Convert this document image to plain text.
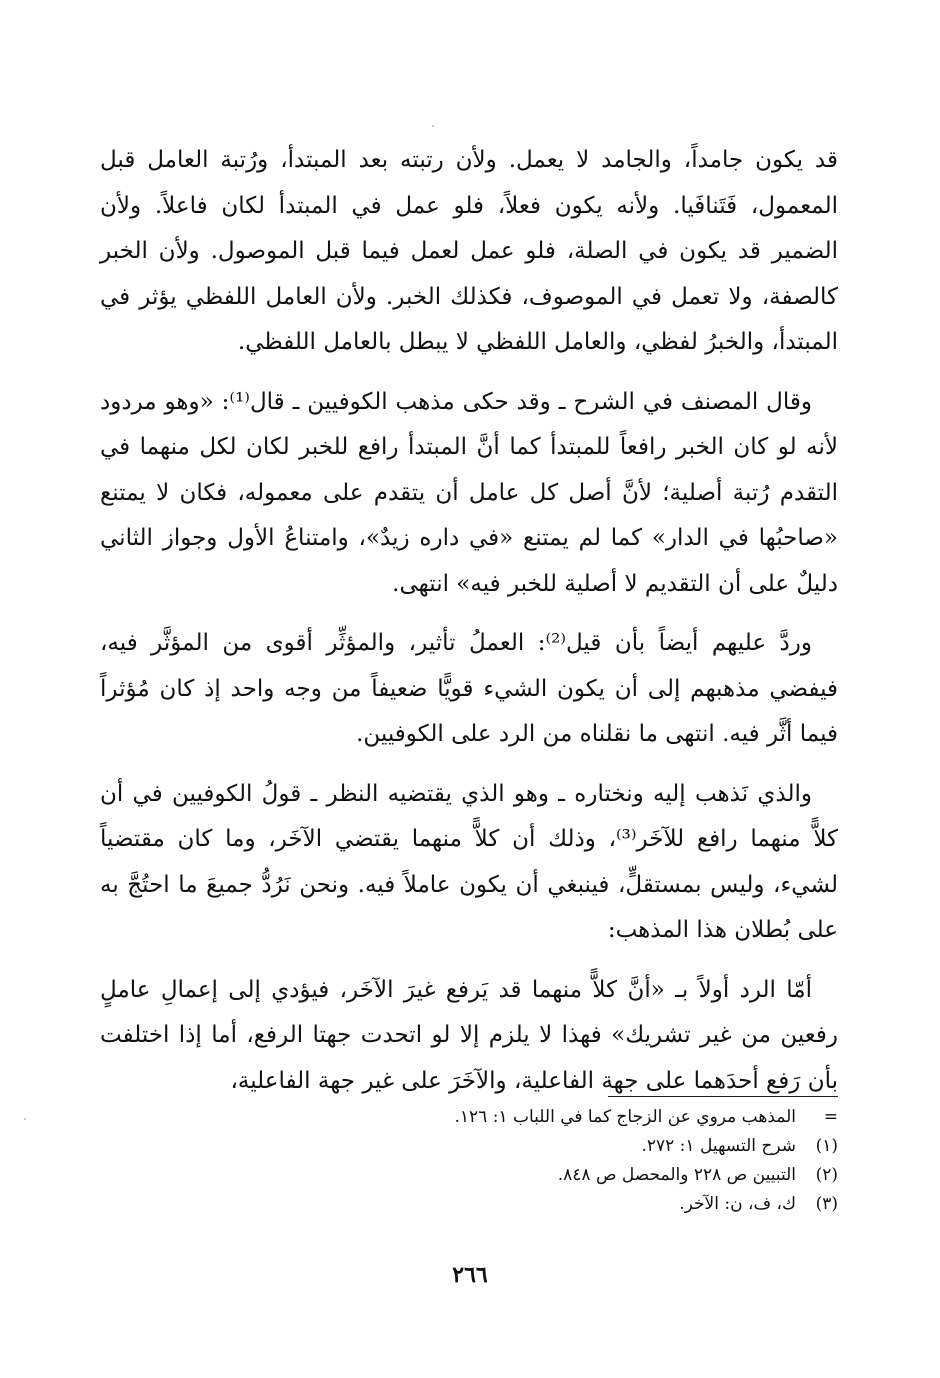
قد يكون جامداً، والجامد لا يعمل. ولأن رتبته بعد المبتدأ، ورُتبة العامل قبل المعمول، فَتَنافَيا. ولأنه يكون فعلاً، فلو عمل في المبتدأ لكان فاعلاً. ولأن الضمير قد يكون في الصلة، فلو عمل لعمل فيما قبل الموصول. ولأن الخبر كالصفة، ولا تعمل في الموصوف، فكذلك الخبر. ولأن العامل اللفظي يؤثر في المبتدأ، والخبرُ لفظي، والعامل اللفظي لا يبطل بالعامل اللفظي.

وقال المصنف في الشرح ـ وقد حكى مذهب الكوفيين ـ قال⁽¹⁾: «وهو مردود لأنه لو كان الخبر رافعاً للمبتدأ كما أنَّ المبتدأ رافع للخبر لكان لكل منهما في التقدم رُتبة أصلية؛ لأنَّ أصل كل عامل أن يتقدم على معموله، فكان لا يمتنع «صاحبُها في الدار» كما لم يمتنع «في داره زيدٌ»، وامتناعُ الأول وجواز الثاني دليلٌ على أن التقديم لا أصلية للخبر فيه» انتهى.

وردَّ عليهم أيضاً بأن قيل⁽²⁾: العملُ تأثير، والمؤثِّر أقوى من المؤثَّر فيه، فيفضي مذهبهم إلى أن يكون الشيء قويًّا ضعيفاً من وجه واحد إذ كان مُؤثراً فيما أثَّر فيه. انتهى ما نقلناه من الرد على الكوفيين.

والذي نَذهب إليه ونختاره ـ وهو الذي يقتضيه النظر ـ قولُ الكوفيين في أن كلاًّ منهما رافع للآخَر⁽³⁾، وذلك أن كلاًّ منهما يقتضي الآخَر، وما كان مقتضياً لشيء، وليس بمستقلٍّ، فينبغي أن يكون عاملاً فيه. ونحن نَرُدُّ جميعَ ما احتُجَّ به على بُطلان هذا المذهب:

أمّا الرد أولاً بـ «أنَّ كلاًّ منهما قد يَرفع غيرَ الآخَر، فيؤدي إلى إعمالِ عاملٍ رفعين من غير تشريك» فهذا لا يلزم إلا لو اتحدت جهتا الرفع، أما إذا اختلفت بأن رَفع أحدَهما على جهة الفاعلية، والآخَرَ على غير جهة الفاعلية،

=المذهب مروي عن الزجاج كما في اللباب ١: ١٢٦.

(١)شرح التسهيل ١: ٢٧٢.

(٢)التبيين ص ٢٢٨ والمحصل ص ٨٤٨.

(٣)ك، ف، ن: الآخر.

٢٦٦
